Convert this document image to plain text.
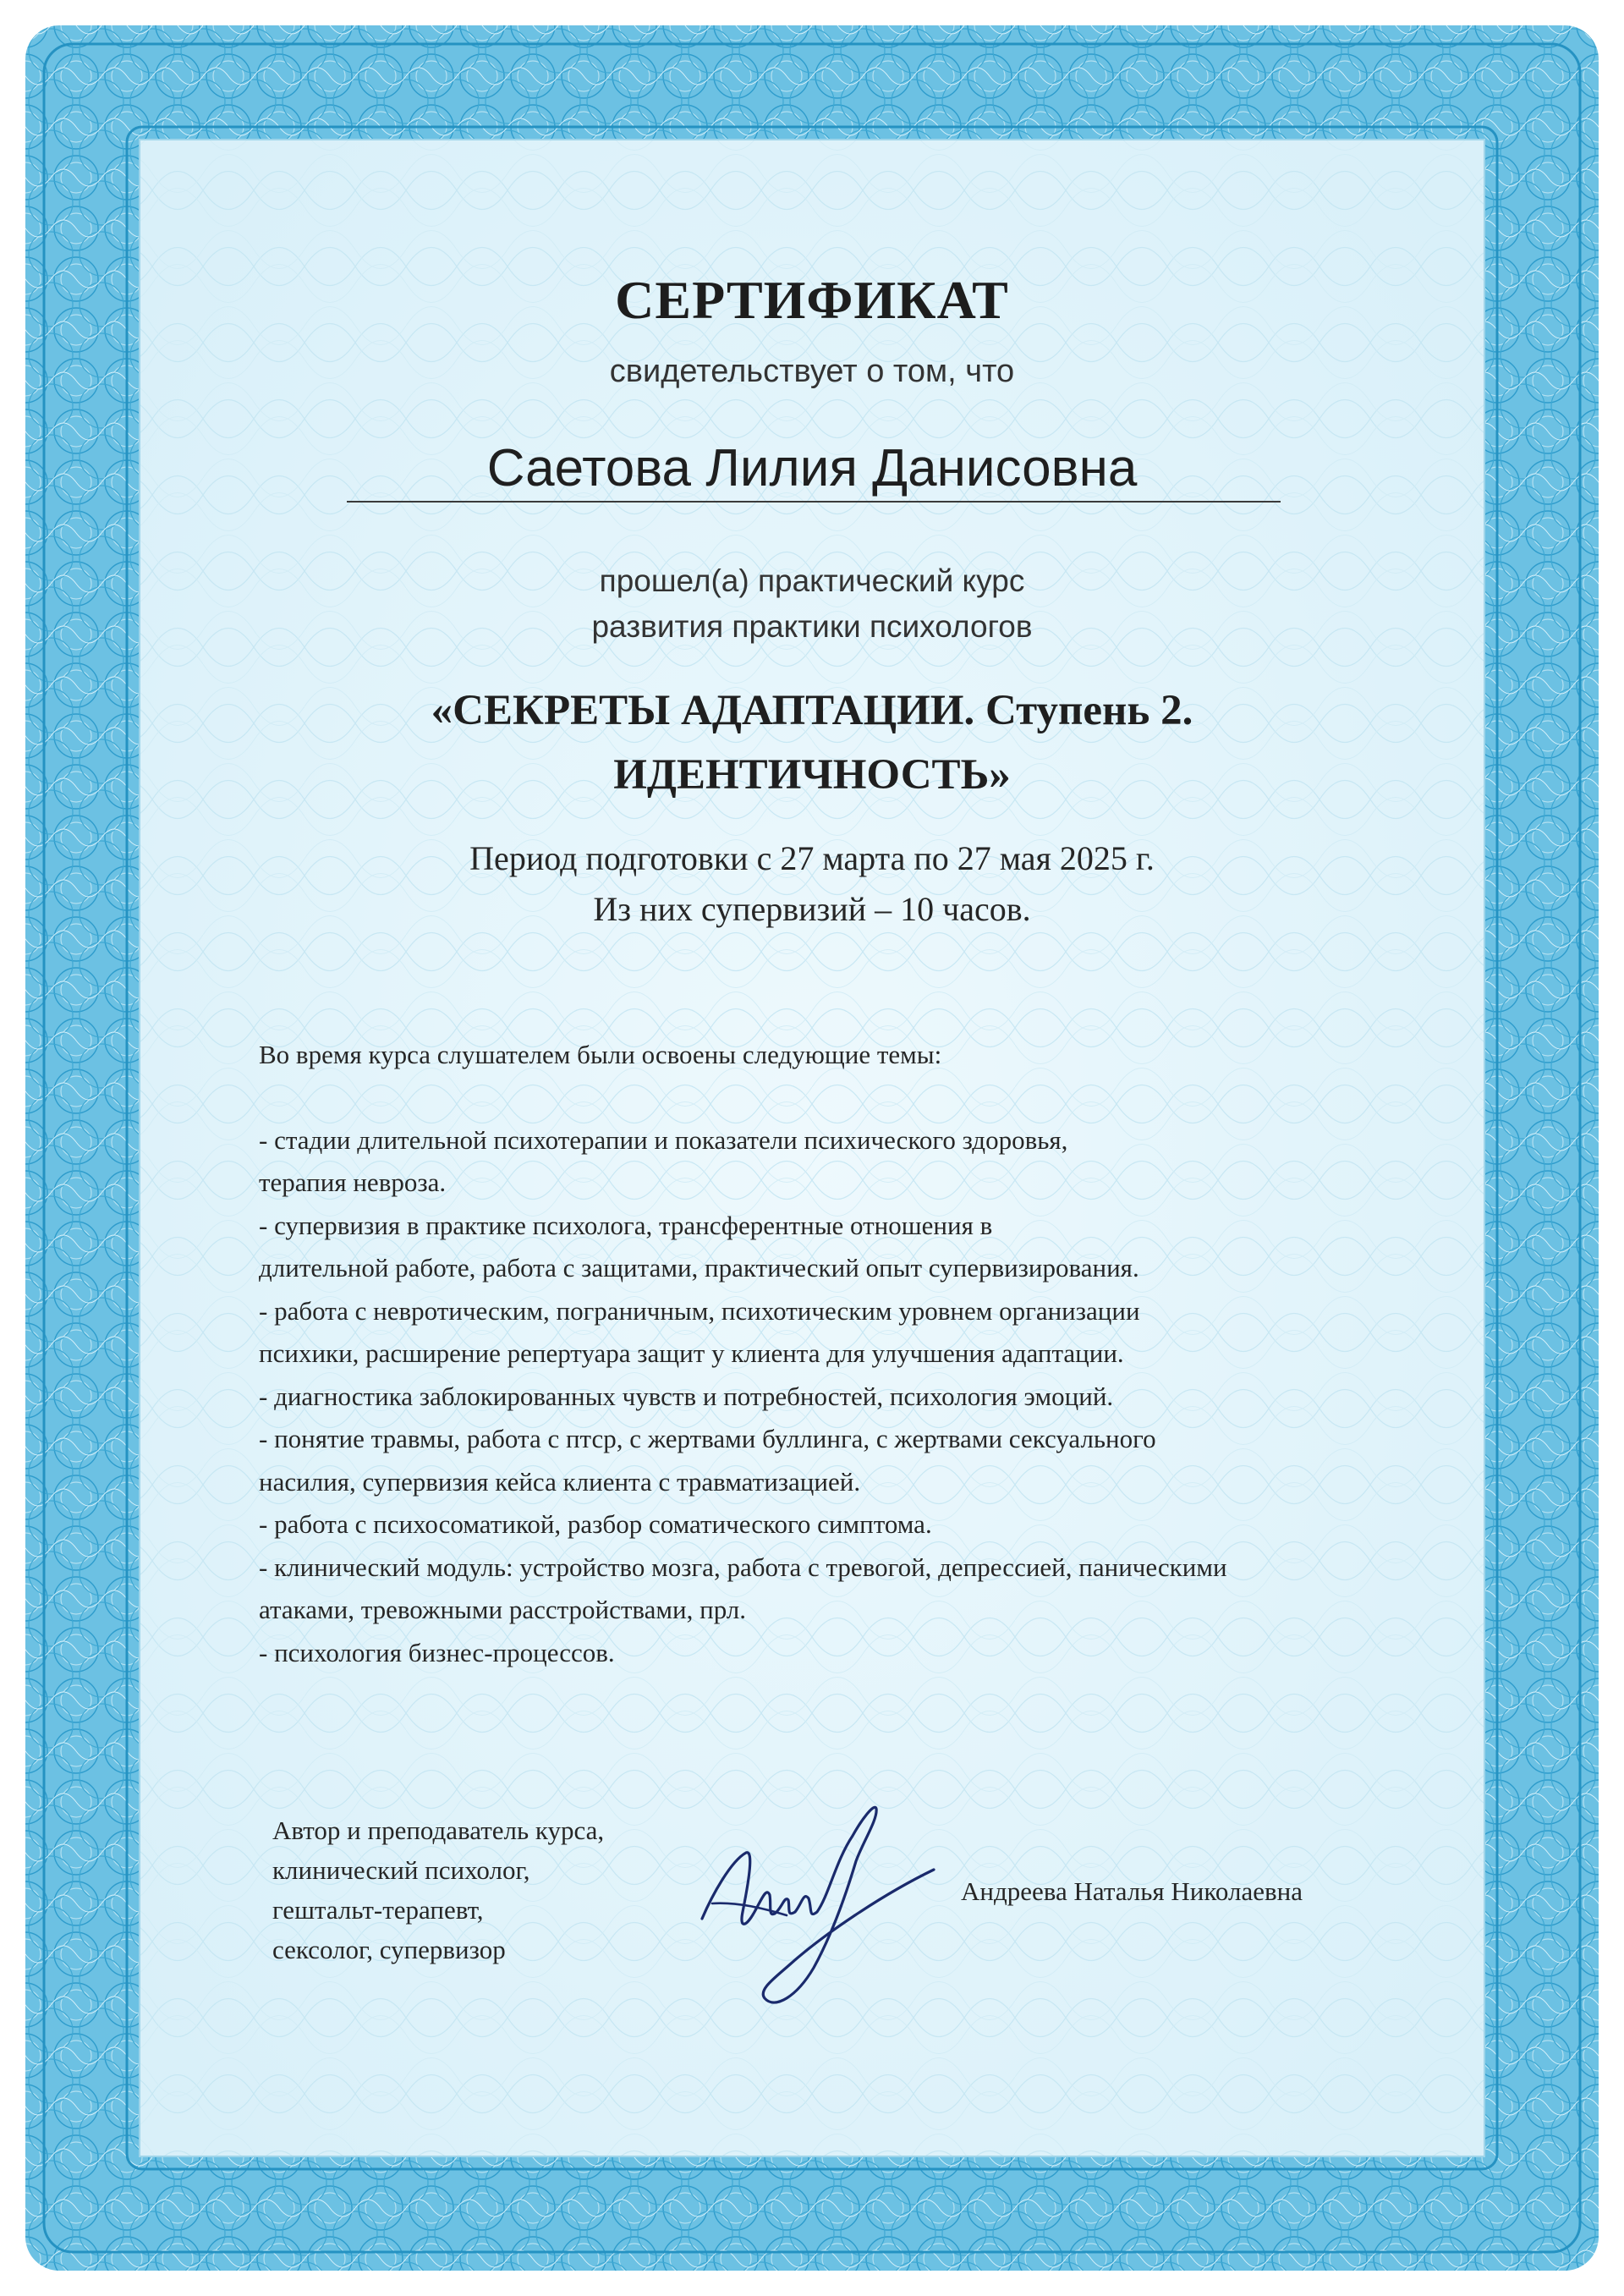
СЕРТИФИКАТ
свидетельствует о том, что
Саетова Лилия Данисовна
прошел(а) практический курс
развития практики психологов
«СЕКРЕТЫ АДАПТАЦИИ. Ступень 2.
ИДЕНТИЧНОСТЬ»
Период подготовки с 27 марта по 27 мая 2025 г.
Из них супервизий – 10 часов.
Во время курса слушателем были освоены следующие темы:
- стадии длительной психотерапии и показатели психического здоровья,
терапия невроза.
- супервизия в практике психолога, трансферентные отношения в
длительной работе, работа с защитами, практический опыт супервизирования.
- работа с невротическим, пограничным, психотическим уровнем организации
психики, расширение репертуара защит у клиента для улучшения адаптации.
- диагностика заблокированных чувств и потребностей, психология эмоций.
- понятие травмы, работа с птср, с жертвами буллинга, с жертвами сексуального
насилия, супервизия кейса клиента с травматизацией.
- работа с психосоматикой, разбор соматического симптома.
- клинический модуль: устройство мозга, работа с тревогой, депрессией, паническими
атаками, тревожными расстройствами, прл.
- психология бизнес-процессов.
Автор и преподаватель курса,
клинический психолог,
гештальт-терапевт,
сексолог, супервизор
Андреева Наталья Николаевна
